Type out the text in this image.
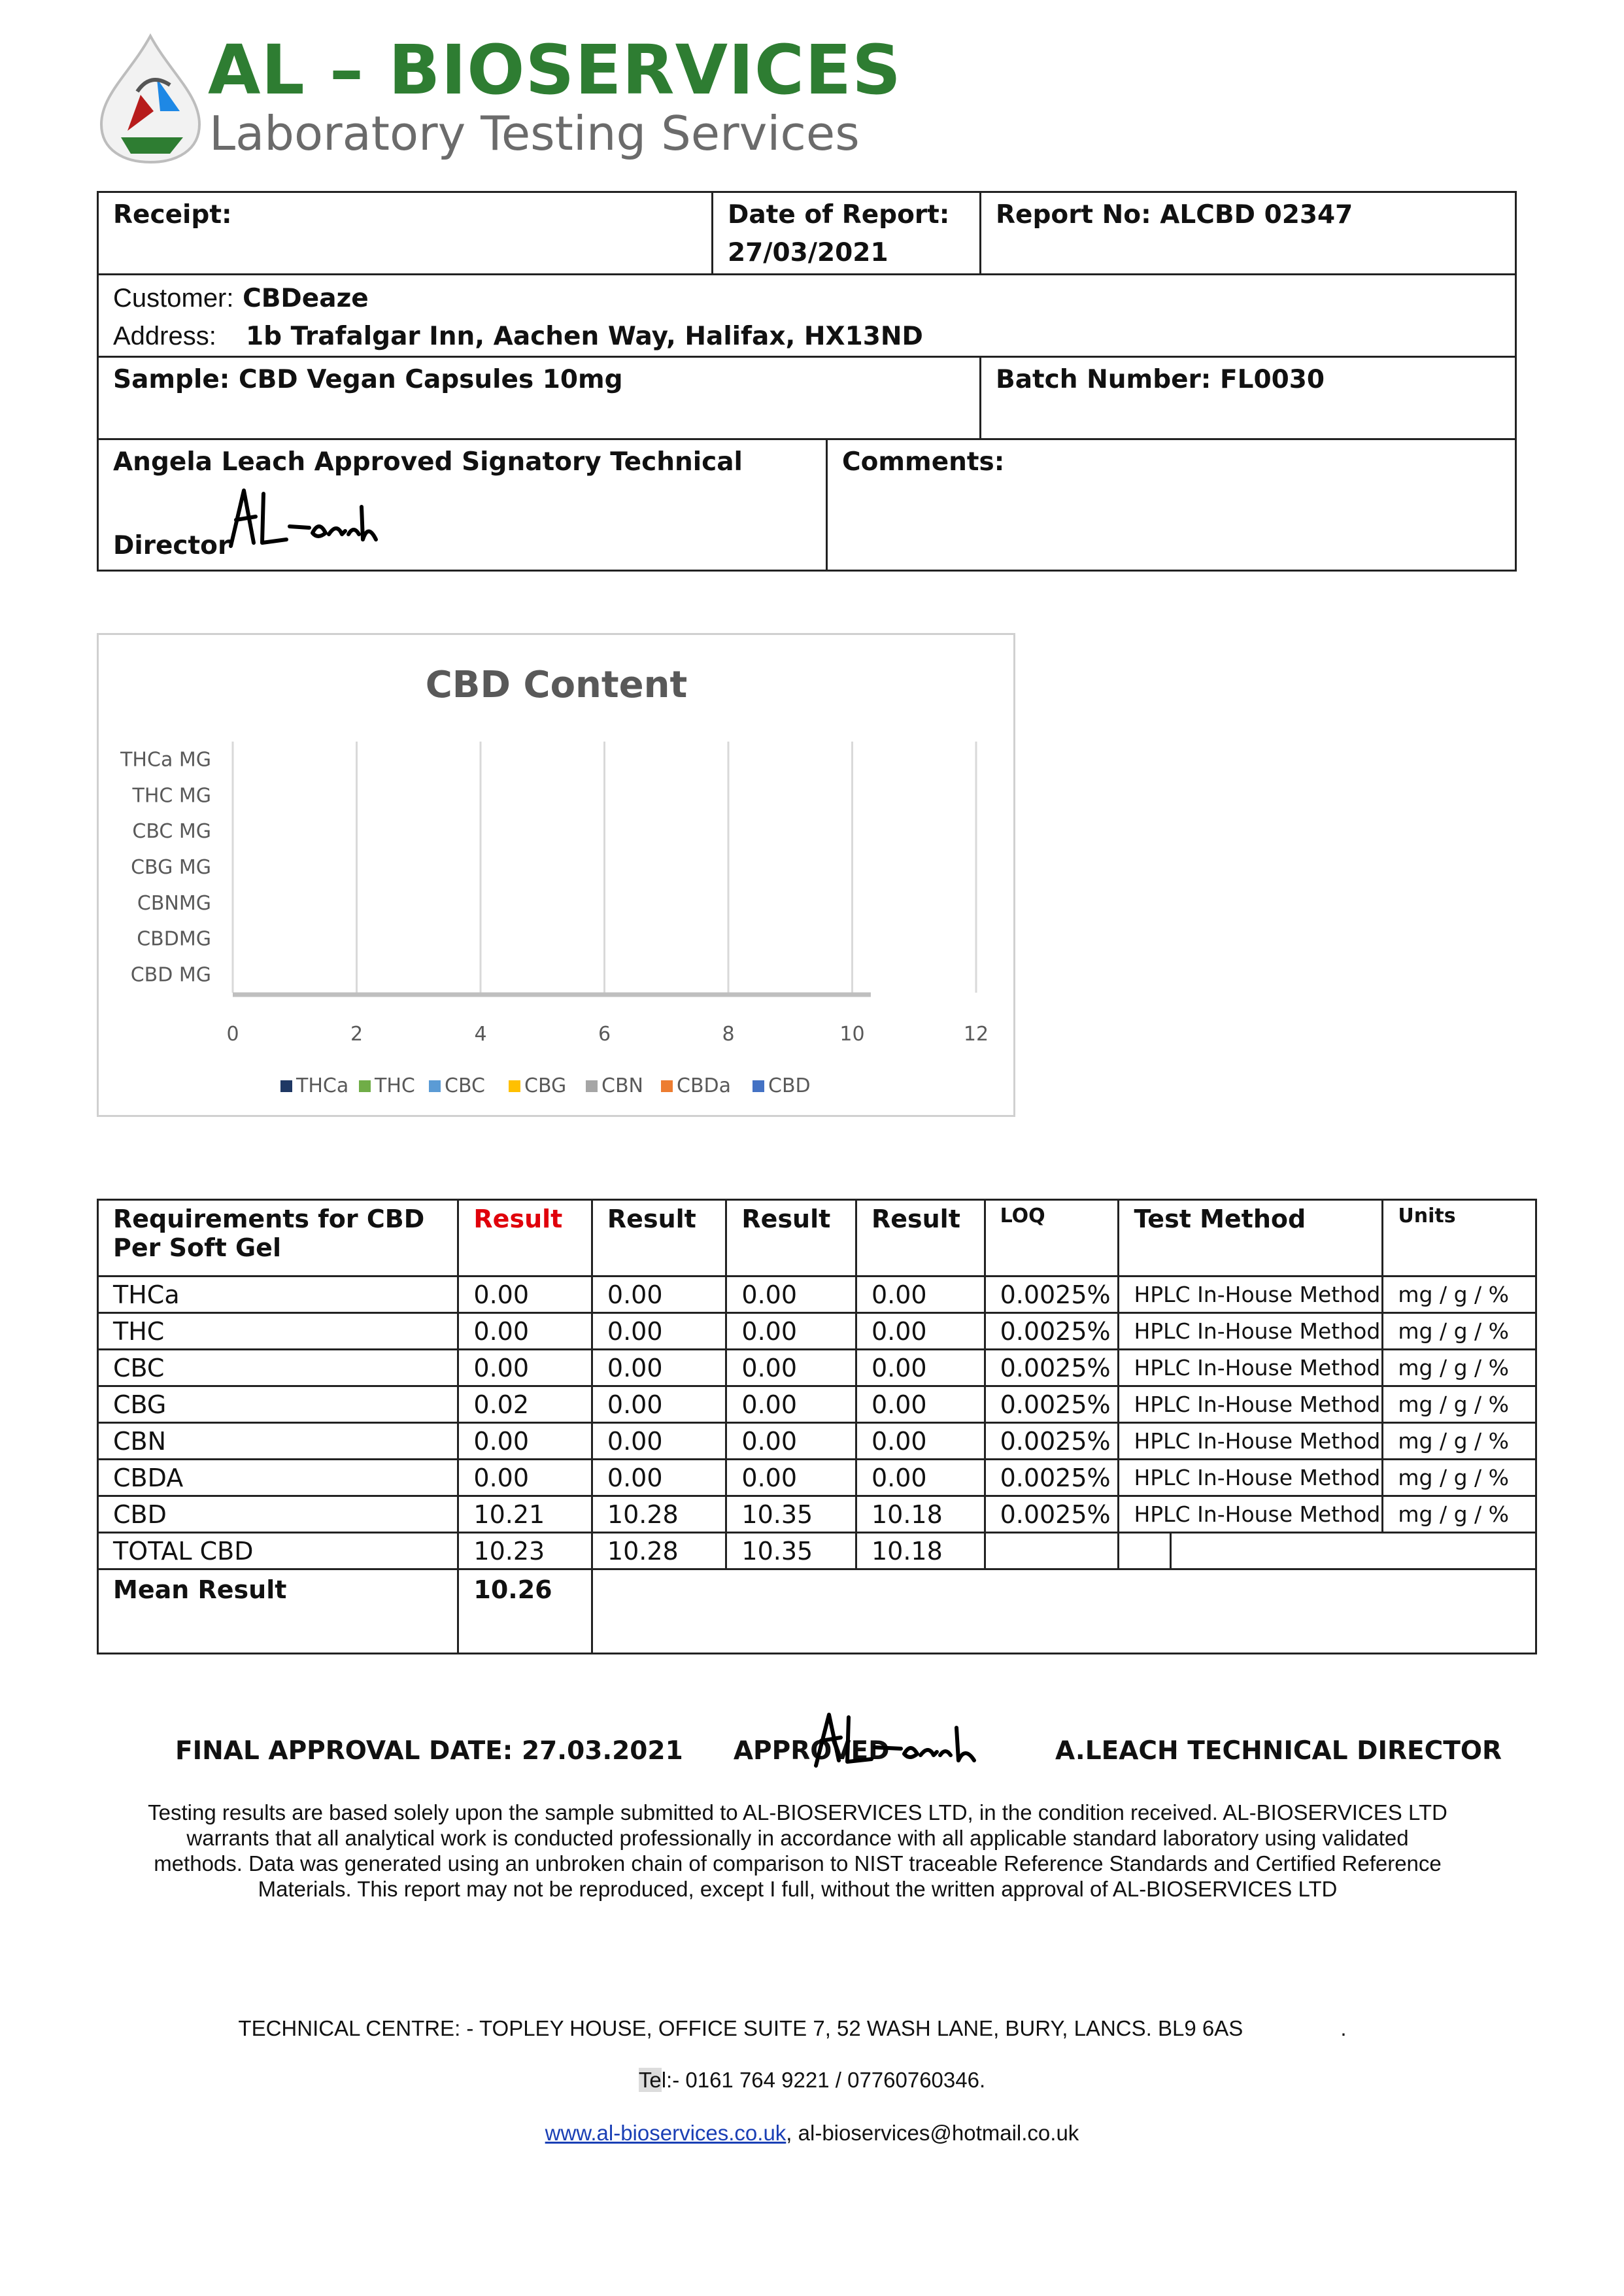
AL – BIOSERVICES
Laboratory Testing Services
Receipt:	Date of Report:
27/03/2021
Report No: ALCBD 02347
Customer: CBDeaze
Address: 1b Trafalgar Inn, Aachen Way, Halifax, HX13ND
Sample: CBD Vegan Capsules 10mg	Batch Number: FL0030
Angela Leach Approved Signatory Technical
Director
Comments:
CBD Content
THCa MG
THC MG
CBC MG
CBG MG
CBNMG
CBDMG
CBD MG
0	2	4	6	8	10	12
THCa THC CBC CBG CBN CBDa CBD
Requirements for CBD
Per Soft Gel	Result	Result	Result	Result	LOQ	Test Method	Units
THCa	0.00	0.00	0.00	0.00	0.0025%	HPLC In-House Method	mg / g / %
THC	0.00	0.00	0.00	0.00	0.0025%	HPLC In-House Method	mg / g / %
CBC	0.00	0.00	0.00	0.00	0.0025%	HPLC In-House Method	mg / g / %
CBG	0.02	0.00	0.00	0.00	0.0025%	HPLC In-House Method	mg / g / %
CBN	0.00	0.00	0.00	0.00	0.0025%	HPLC In-House Method	mg / g / %
CBDA	0.00	0.00	0.00	0.00	0.0025%	HPLC In-House Method	mg / g / %
CBD	10.21	10.28	10.35	10.18	0.0025%	HPLC In-House Method	mg / g / %
TOTAL CBD	10.23	10.28	10.35	10.18			

Mean Result	10.26						
FINAL APPROVAL DATE: 27.03.2021 APPROVED	A.LEACH TECHNICAL DIRECTOR
Testing results are based solely upon the sample submitted to AL-BIOSERVICES LTD, in the condition received. AL-BIOSERVICES LTD warrants that all analytical work is conducted professionally in accordance with all applicable standard laboratory using validated methods. Data was generated using an unbroken chain of comparison to NIST traceable Reference Standards and Certified Reference Materials. This report may not be reproduced, except I full, without the written approval of AL-BIOSERVICES LTD
TECHNICAL CENTRE: - TOPLEY HOUSE, OFFICE SUITE 7, 52 WASH LANE, BURY, LANCS. BL9 6AS	.
Tel:- 0161 764 9221 / 07760760346.
www.al-bioservices.co.uk, al-bioservices@hotmail.co.uk
